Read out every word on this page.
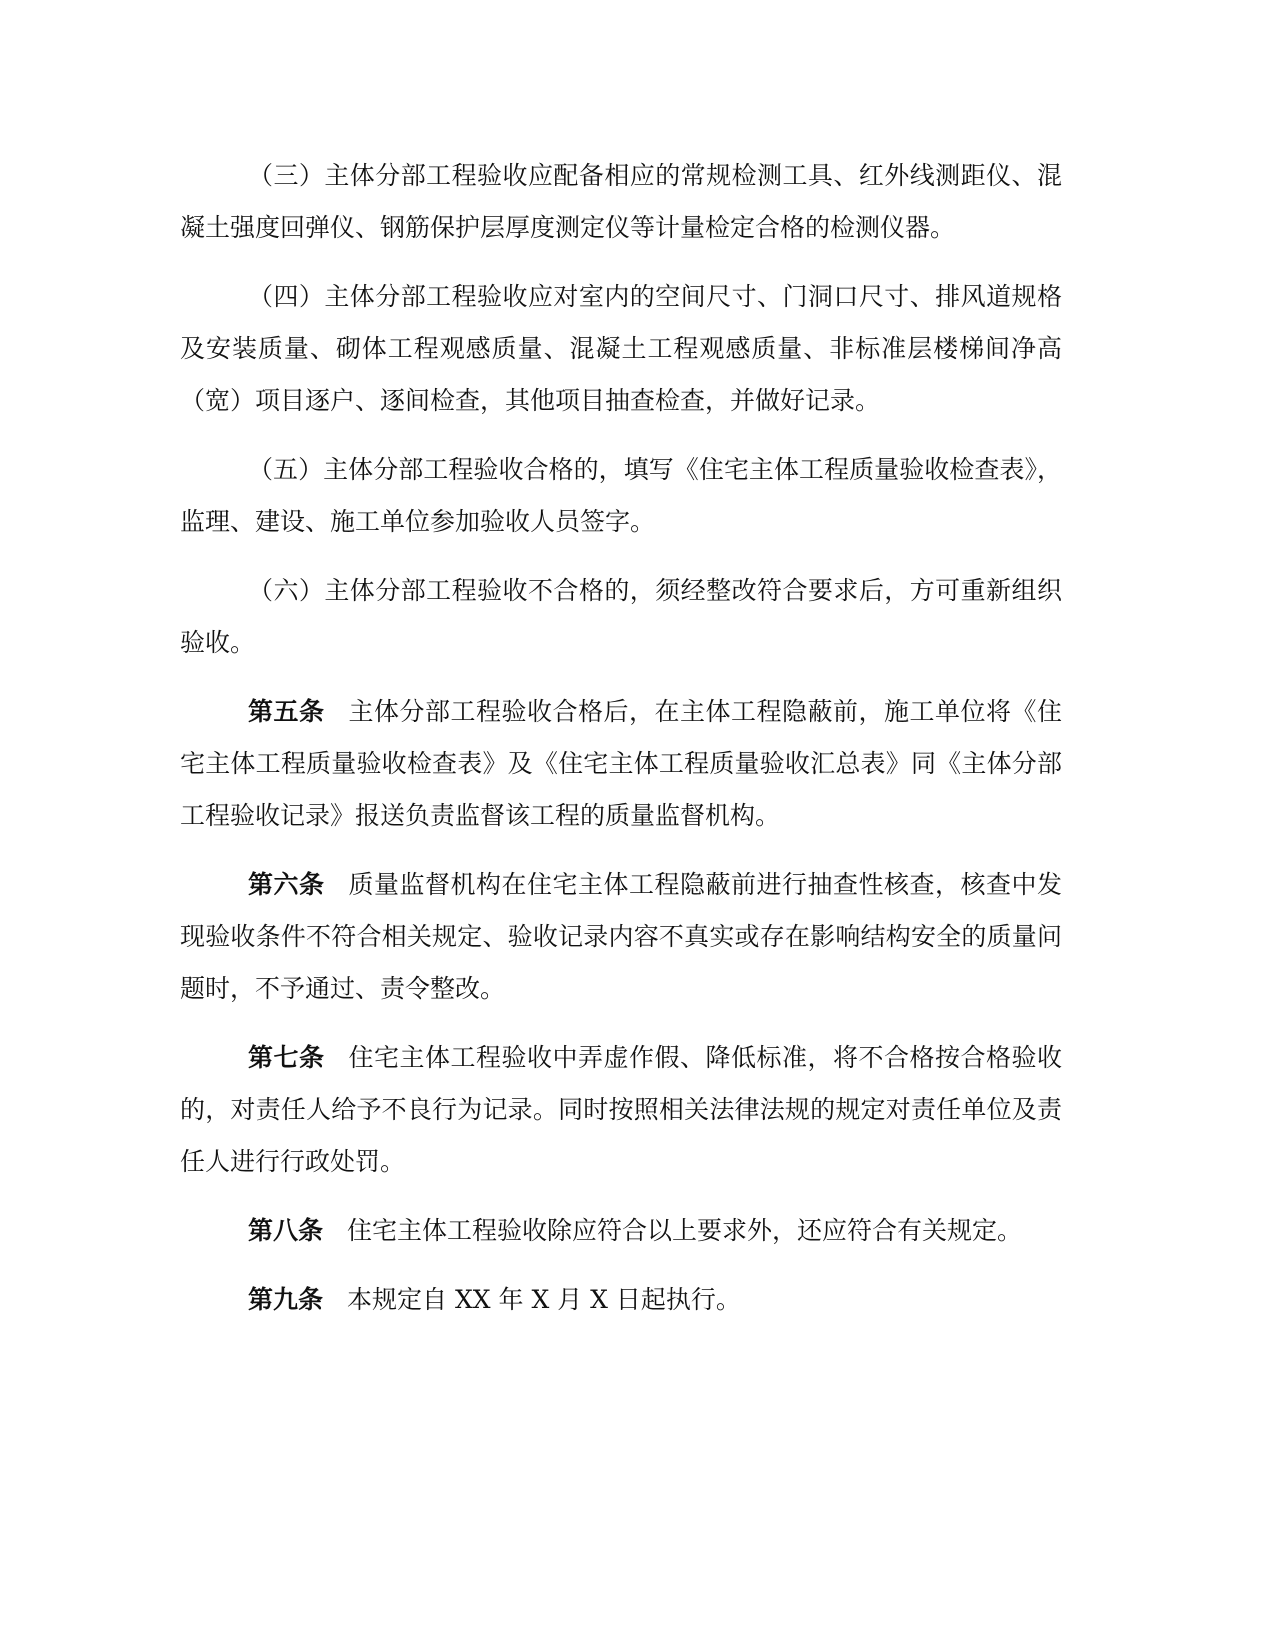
（三）主体分部工程验收应配备相应的常规检测工具、红外线测距仪、混凝土强度回弹仪、钢筋保护层厚度测定仪等计量检定合格的检测仪器。

（四）主体分部工程验收应对室内的空间尺寸、门洞口尺寸、排风道规格及安装质量、砌体工程观感质量、混凝土工程观感质量、非标准层楼梯间净高（宽）项目逐户、逐间检查，其他项目抽查检查，并做好记录。

（五）主体分部工程验收合格的，填写《住宅主体工程质量验收检查表》，监理、建设、施工单位参加验收人员签字。

（六）主体分部工程验收不合格的，须经整改符合要求后，方可重新组织验收。

第五条 主体分部工程验收合格后，在主体工程隐蔽前，施工单位将《住宅主体工程质量验收检查表》及《住宅主体工程质量验收汇总表》同《主体分部工程验收记录》报送负责监督该工程的质量监督机构。

第六条 质量监督机构在住宅主体工程隐蔽前进行抽查性核查，核查中发现验收条件不符合相关规定、验收记录内容不真实或存在影响结构安全的质量问题时，不予通过、责令整改。

第七条 住宅主体工程验收中弄虚作假、降低标准，将不合格按合格验收的，对责任人给予不良行为记录。同时按照相关法律法规的规定对责任单位及责任人进行行政处罚。

第八条 住宅主体工程验收除应符合以上要求外，还应符合有关规定。

第九条 本规定自 XX 年 X 月 X 日起执行。
